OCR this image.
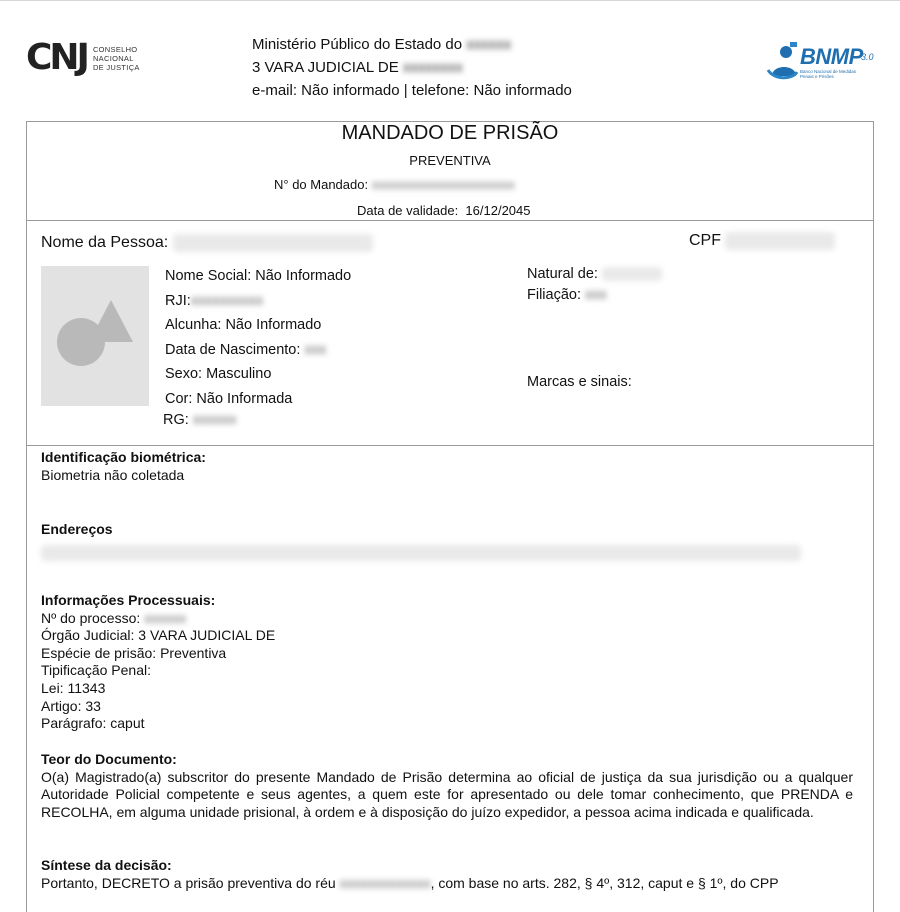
CNJ CONSELHO
NACIONAL
DE JUSTIÇA
Ministério Público do Estado do xxxxxx
3 VARA JUDICIAL DE xxxxxxxx
e-mail: Não informado | telefone: Não informado
BNMP
3.0
Banco Nacional de Medidas
Penais e Prisões
MANDADO DE PRISÃO
PREVENTIVA
N° do Mandado: xxxxxxxxxxxxxxxxxxxxxx
Data de validade: 16/12/2045
Nome da Pessoa:	CPF
Nome Social: Não Informado
RJI:xxxxxxxxxx
Alcunha: Não Informado
Data de Nascimento: xxx
Sexo: Masculino
Cor: Não Informada
RG: xxxxxx
Natural de:
Filiação: xxx
Marcas e sinais:
Identificação biométrica:
Biometria não coletada
Endereços
Informações Processuais:
Nº do processo: xxxxxx
Órgão Judicial: 3 VARA JUDICIAL DE
Espécie de prisão: Preventiva
Tipificação Penal:
Lei: 11343
Artigo: 33
Parágrafo: caput
Teor do Documento:
O(a) Magistrado(a) subscritor do presente Mandado de Prisão determina ao oficial de justiça da sua jurisdição ou a qualquer Autoridade Policial competente e seus agentes, a quem este for apresentado ou dele tomar conhecimento, que PRENDA e RECOLHA, em alguma unidade prisional, à ordem e à disposição do juízo expedidor, a pessoa acima indicada e qualificada.
Síntese da decisão:
Portanto, DECRETO a prisão preventiva do réu xxxxxxxxxxxxx, com base no arts. 282, § 4º, 312, caput e § 1º, do CPP
